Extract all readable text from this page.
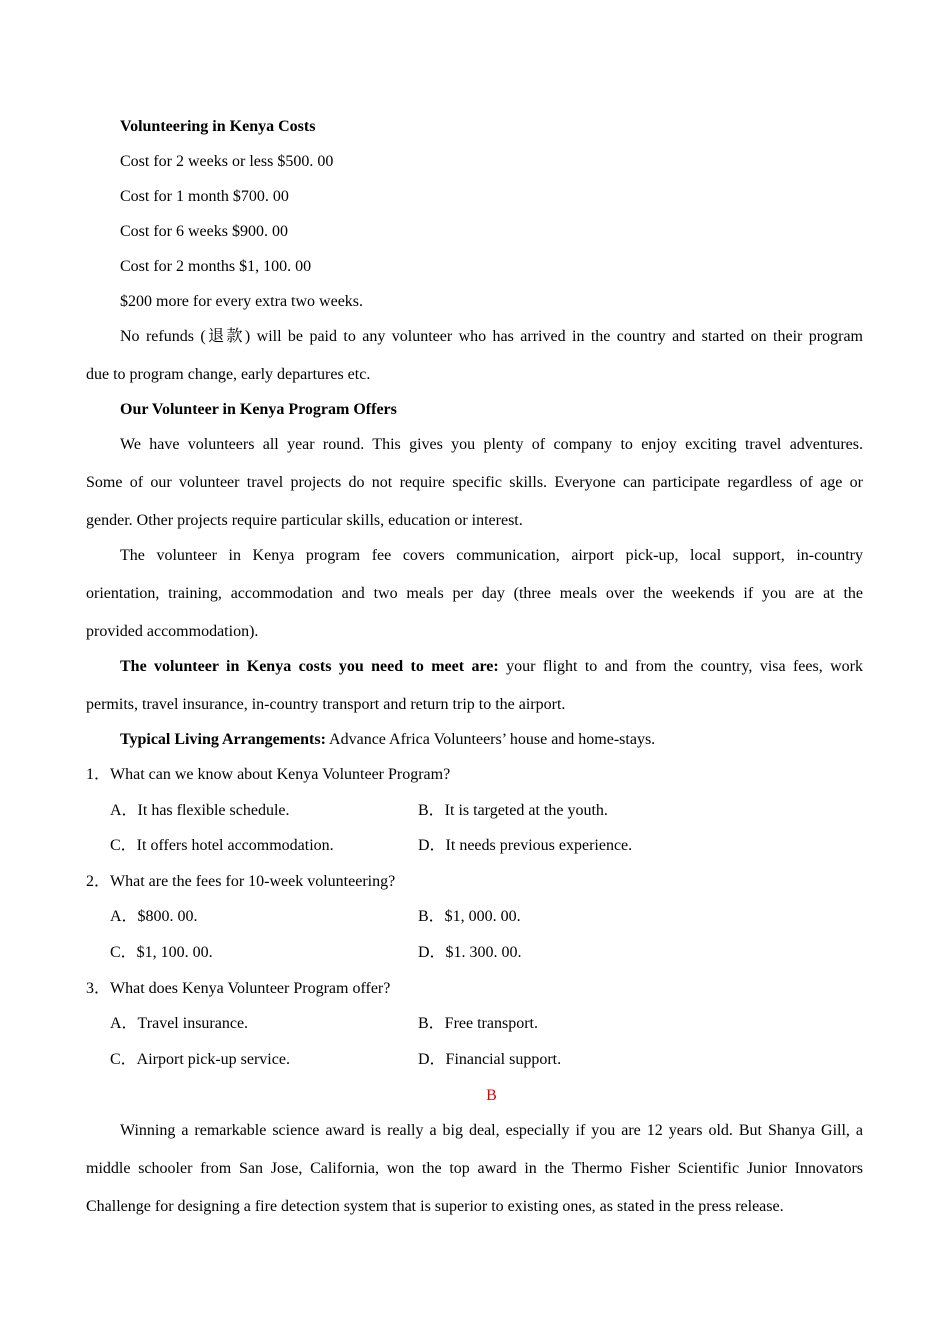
Volunteering in Kenya Costs
Cost for 2 weeks or less $500. 00
Cost for 1 month $700. 00
Cost for 6 weeks $900. 00
Cost for 2 months $1, 100. 00
$200 more for every extra two weeks.
No refunds (退款) will be paid to any volunteer who has arrived in the country and started on their program
due to program change, early departures etc.
Our Volunteer in Kenya Program Offers
We have volunteers all year round. This gives you plenty of company to enjoy exciting travel adventures.
Some of our volunteer travel projects do not require specific skills. Everyone can participate regardless of age or
gender. Other projects require particular skills, education or interest.
The volunteer in Kenya program fee covers communication, airport pick-up, local support, in-country
orientation, training, accommodation and two meals per day (three meals over the weekends if you are at the
provided accommodation).
The volunteer in Kenya costs you need to meet are: your flight to and from the country, visa fees, work
permits, travel insurance, in-country transport and return trip to the airport.
Typical Living Arrangements: Advance Africa Volunteers’ house and home-stays.
1．What can we know about Kenya Volunteer Program?
A．It has flexible schedule.	B．It is targeted at the youth.
C．It offers hotel accommodation.	D．It needs previous experience.
2．What are the fees for 10-week volunteering?
A．$800. 00.	B．$1, 000. 00.
C．$1, 100. 00.	D．$1. 300. 00.
3．What does Kenya Volunteer Program offer?
A．Travel insurance.	B．Free transport.
C．Airport pick-up service.	D．Financial support.
B
Winning a remarkable science award is really a big deal, especially if you are 12 years old. But Shanya Gill, a
middle schooler from San Jose, California, won the top award in the Thermo Fisher Scientific Junior Innovators
Challenge for designing a fire detection system that is superior to existing ones, as stated in the press release.
